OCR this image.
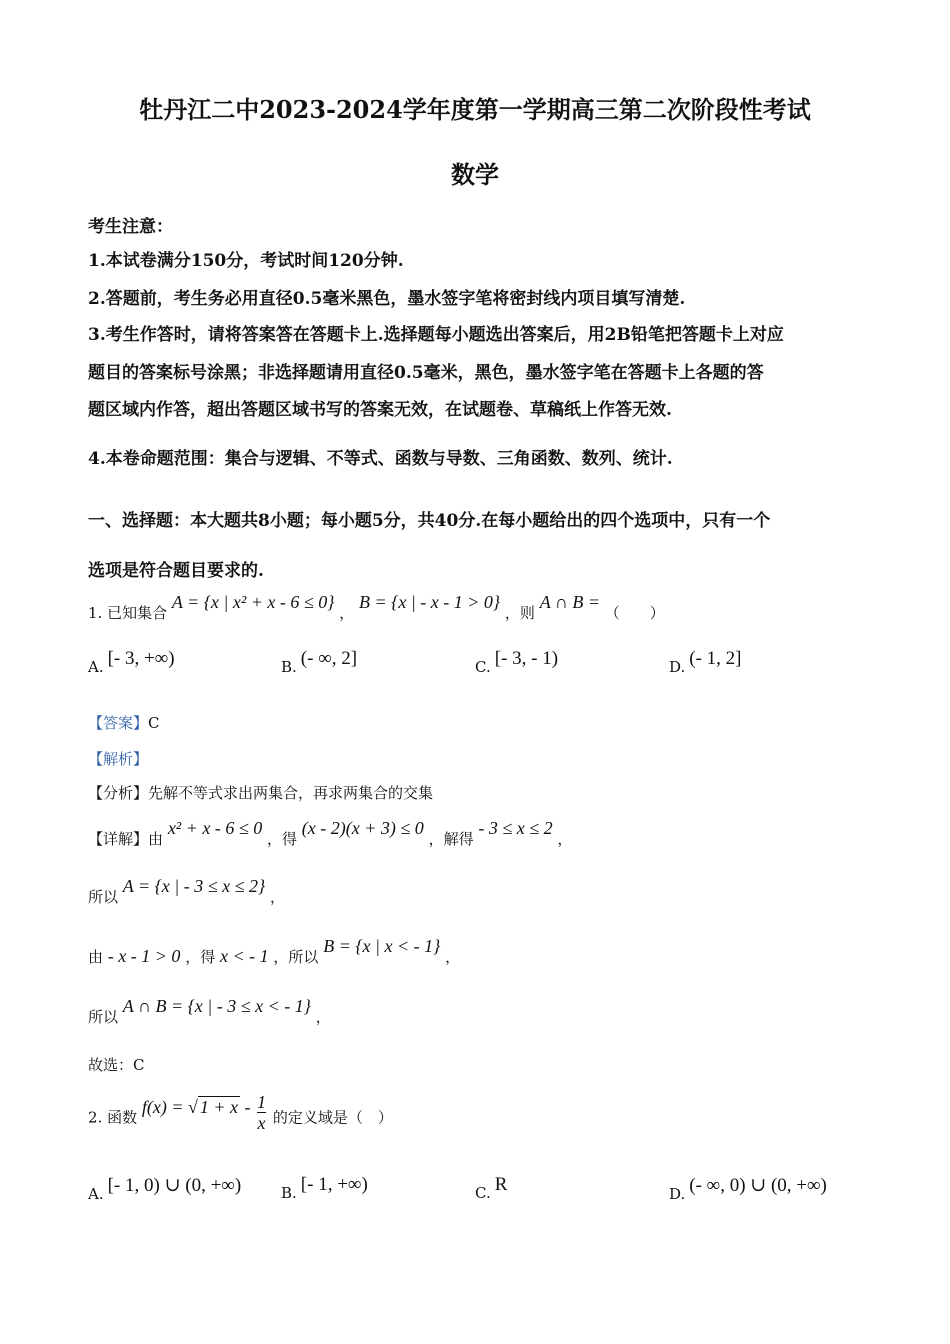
牡丹江二中2023-2024学年度第一学期高三第二次阶段性考试
数学
考生注意：
1.本试卷满分150分，考试时间120分钟.
2.答题前，考生务必用直径0.5毫米黑色，墨水签字笔将密封线内项目填写清楚.
3.考生作答时，请将答案答在答题卡上.选择题每小题选出答案后，用2B铅笔把答题卡上对应
题目的答案标号涂黑；非选择题请用直径0.5毫米，黑色，墨水签字笔在答题卡上各题的答
题区域内作答，超出答题区域书写的答案无效，在试题卷、草稿纸上作答无效.
4.本卷命题范围：集合与逻辑、不等式、函数与导数、三角函数、数列、统计.
一、选择题：本大题共8小题；每小题5分，共40分.在每小题给出的四个选项中，只有一个
选项是符合题目要求的.
1. 已知集合 A = {x | x² + x - 6 ≤ 0} ， B = {x | - x - 1 > 0} ，则 A ∩ B = （　　）
A. [- 3, +∞)	B. (- ∞, 2]	C. [- 3, - 1)	D. (- 1, 2]
【答案】C
【解析】
【分析】先解不等式求出两集合，再求两集合的交集
【详解】由 x² + x - 6 ≤ 0 ，得 (x - 2)(x + 3) ≤ 0 ，解得 - 3 ≤ x ≤ 2 ，
所以 A = {x | - 3 ≤ x ≤ 2} ，
由 - x - 1 > 0 ，得 x < - 1 ，所以 B = {x | x < - 1} ，
所以 A ∩ B = {x | - 3 ≤ x < - 1} ，
故选：C
2. 函数 f(x) = √ $1 + x - \frac{1}{x}$ 的定义域是（　）
A. [- 1, 0) ∪ (0, +∞)	B. [- 1, +∞)	C. R	D. (- ∞, 0) ∪ (0, +∞)
